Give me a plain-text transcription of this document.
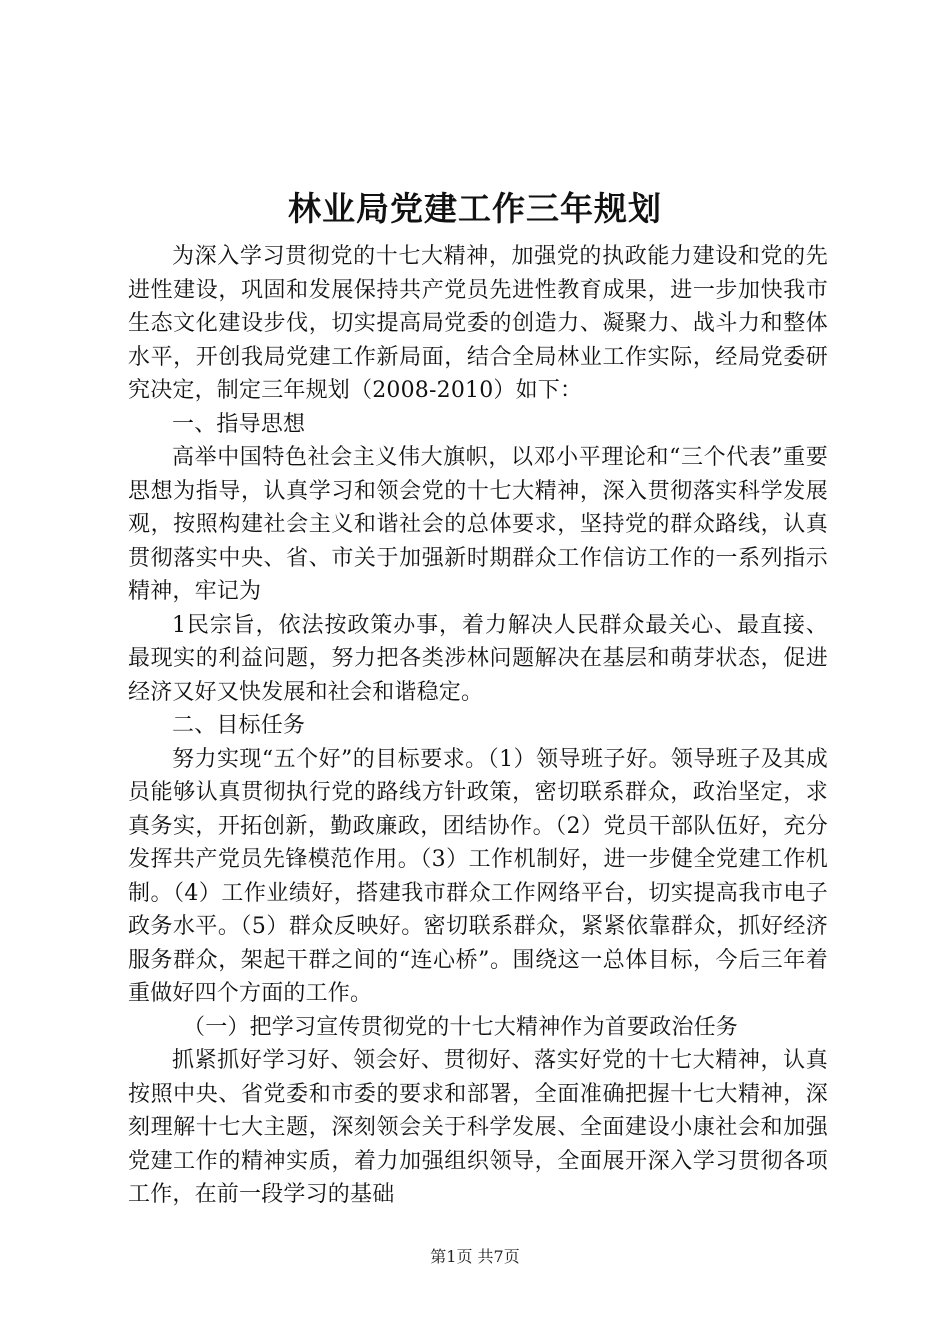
林业局党建工作三年规划

为深入学习贯彻党的十七大精神，加强党的执政能力建设和党的先进性建设，巩固和发展保持共产党员先进性教育成果，进一步加快我市生态文化建设步伐，切实提高局党委的创造力、凝聚力、战斗力和整体水平，开创我局党建工作新局面，结合全局林业工作实际，经局党委研究决定，制定三年规划（2008-2010）如下：

一、指导思想

高举中国特色社会主义伟大旗帜，以邓小平理论和“三个代表”重要思想为指导，认真学习和领会党的十七大精神，深入贯彻落实科学发展观，按照构建社会主义和谐社会的总体要求，坚持党的群众路线，认真贯彻落实中央、省、市关于加强新时期群众工作信访工作的一系列指示精神，牢记为

1民宗旨，依法按政策办事，着力解决人民群众最关心、最直接、最现实的利益问题，努力把各类涉林问题解决在基层和萌芽状态，促进经济又好又快发展和社会和谐稳定。

二、目标任务

努力实现“五个好”的目标要求。（1）领导班子好。领导班子及其成员能够认真贯彻执行党的路线方针政策，密切联系群众，政治坚定，求真务实，开拓创新，勤政廉政，团结协作。（2）党员干部队伍好，充分发挥共产党员先锋模范作用。（3）工作机制好，进一步健全党建工作机制。（4）工作业绩好，搭建我市群众工作网络平台，切实提高我市电子政务水平。（5）群众反映好。密切联系群众，紧紧依靠群众，抓好经济服务群众，架起干群之间的“连心桥”。围绕这一总体目标，今后三年着重做好四个方面的工作。

（一）把学习宣传贯彻党的十七大精神作为首要政治任务

抓紧抓好学习好、领会好、贯彻好、落实好党的十七大精神，认真按照中央、省党委和市委的要求和部署，全面准确把握十七大精神，深刻理解十七大主题，深刻领会关于科学发展、全面建设小康社会和加强党建工作的精神实质，着力加强组织领导，全面展开深入学习贯彻各项工作，在前一段学习的基础

第1页 共7页
